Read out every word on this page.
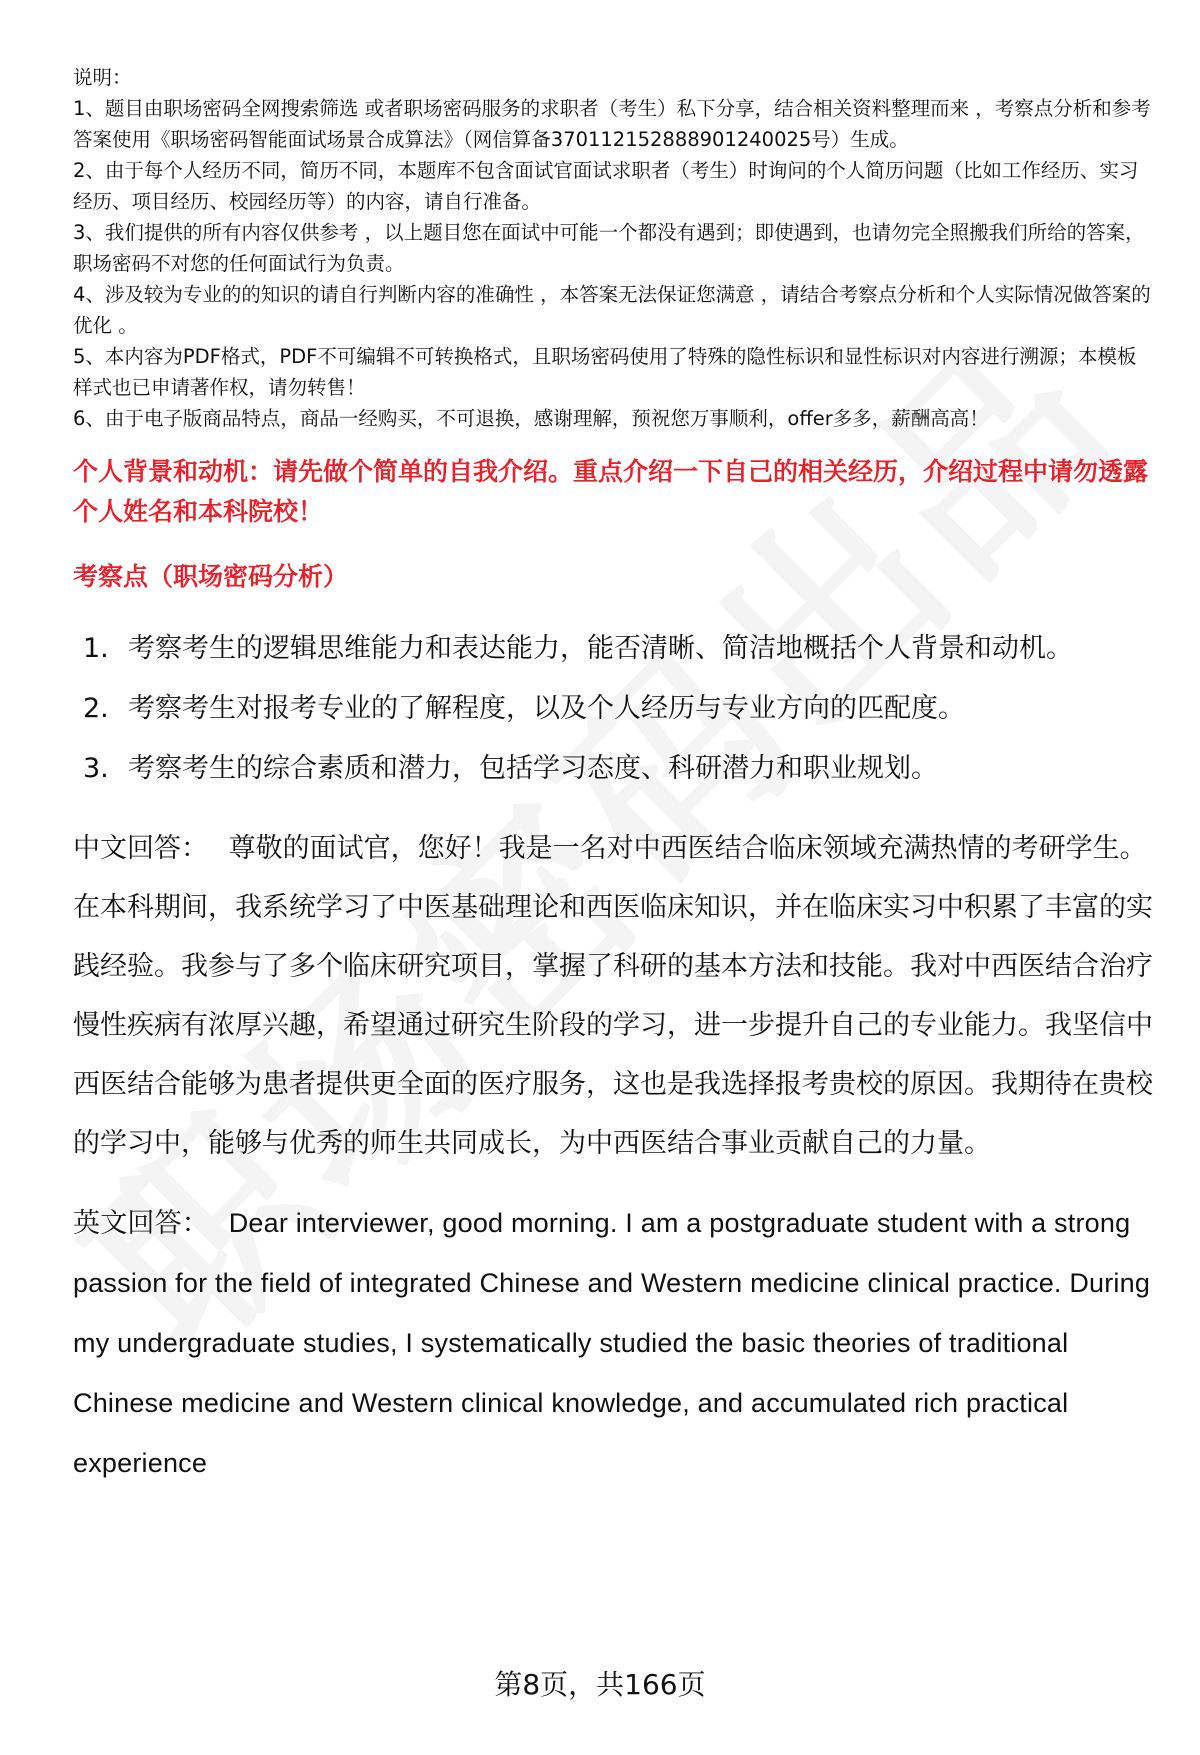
说明：

1、题目由职场密码全网搜索筛选 或者职场密码服务的求职者（考生）私下分享，结合相关资料整理而来 ，考察点分析和参考答案使用《职场密码智能面试场景合成算法》（网信算备370112152888901240025号）生成。

2、由于每个人经历不同，简历不同，本题库不包含面试官面试求职者（考生）时询问的个人简历问题（比如工作经历、实习经历、项目经历、校园经历等）的内容，请自行准备。

3、我们提供的所有内容仅供参考 ，以上题目您在面试中可能一个都没有遇到；即使遇到，也请勿完全照搬我们所给的答案，职场密码不对您的任何面试行为负责。

4、涉及较为专业的的知识的请自行判断内容的准确性 ，本答案无法保证您满意 ，请结合考察点分析和个人实际情况做答案的优化 。

5、本内容为PDF格式，PDF不可编辑不可转换格式，且职场密码使用了特殊的隐性标识和显性标识对内容进行溯源；本模板样式也已申请著作权，请勿转售！

6、由于电子版商品特点，商品一经购买，不可退换，感谢理解，预祝您万事顺利，offer多多，薪酬高高！

个人背景和动机：请先做个简单的自我介绍。重点介绍一下自己的相关经历，介绍过程中请勿透露个人姓名和本科院校！
考察点（职场密码分析）
1. 考察考生的逻辑思维能力和表达能力，能否清晰、简洁地概括个人背景和动机。
2. 考察考生对报考专业的了解程度，以及个人经历与专业方向的匹配度。
3. 考察考生的综合素质和潜力，包括学习态度、科研潜力和职业规划。
中文回答： 尊敬的面试官，您好！我是一名对中西医结合临床领域充满热情的考研学生。在本科期间，我系统学习了中医基础理论和西医临床知识，并在临床实习中积累了丰富的实践经验。我参与了多个临床研究项目，掌握了科研的基本方法和技能。我对中西医结合治疗慢性疾病有浓厚兴趣，希望通过研究生阶段的学习，进一步提升自己的专业能力。我坚信中西医结合能够为患者提供更全面的医疗服务，这也是我选择报考贵校的原因。我期待在贵校的学习中，能够与优秀的师生共同成长，为中西医结合事业贡献自己的力量。
英文回答： Dear interviewer, good morning. I am a postgraduate student with a strong passion for the field of integrated Chinese and Western medicine clinical practice. During my undergraduate studies, I systematically studied the basic theories of traditional Chinese medicine and Western clinical knowledge, and accumulated rich practical experience
第8页，共166页
